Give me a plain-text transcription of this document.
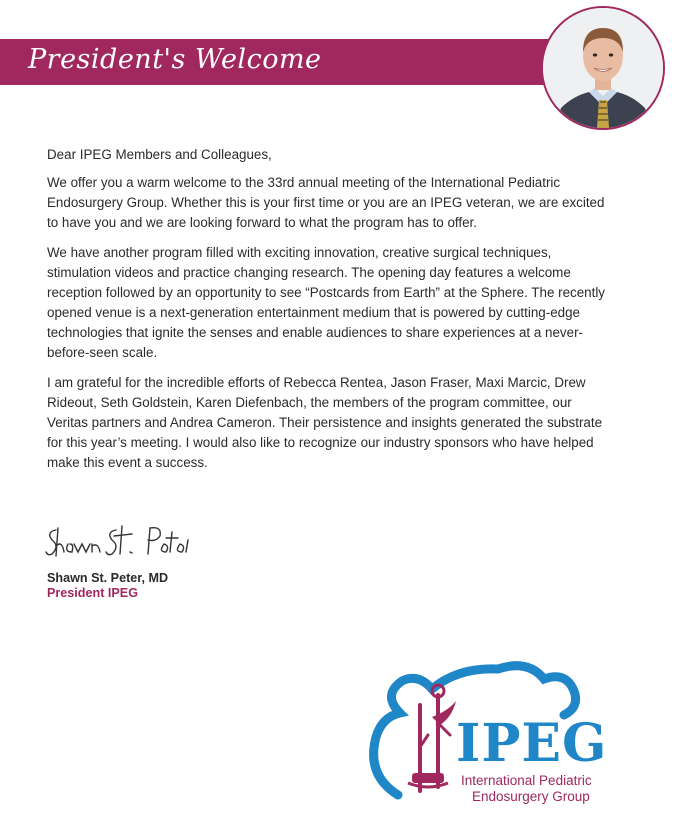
President's Welcome

Dear IPEG Members and Colleagues,

We offer you a warm welcome to the 33rd annual meeting of the International Pediatric Endosurgery Group. Whether this is your first time or you are an IPEG veteran, we are excited to have you and we are looking forward to what the program has to offer.

We have another program filled with exciting innovation, creative surgical techniques, stimulation videos and practice changing research. The opening day features a welcome reception followed by an opportunity to see “Postcards from Earth” at the Sphere. The recently opened venue is a next-generation entertainment medium that is powered by cutting-edge technologies that ignite the senses and enable audiences to share experiences at a never-before-seen scale.

I am grateful for the incredible efforts of Rebecca Rentea, Jason Fraser, Maxi Marcic, Drew Rideout, Seth Goldstein, Karen Diefenbach, the members of the program committee, our Veritas partners and Andrea Cameron. Their persistence and insights generated the substrate for this year’s meeting. I would also like to recognize our industry sponsors who have helped make this event a success.

Shawn St. Peter, MD
President IPEG
IPEG
International Pediatric
Endosurgery Group
